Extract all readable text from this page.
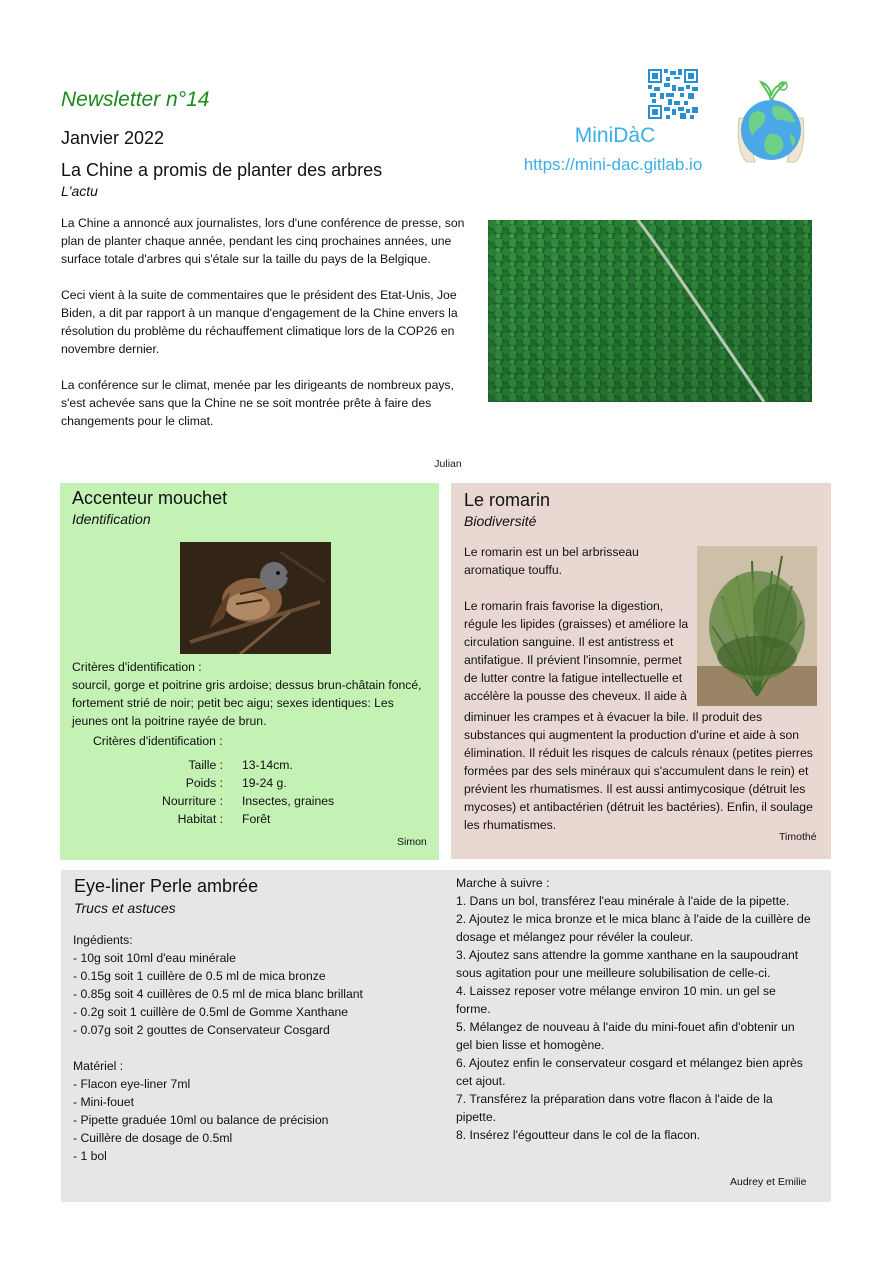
Newsletter n°14
Janvier 2022
La Chine a promis de planter des arbres
L'actu
MiniDàC
https://mini-dac.gitlab.io

La Chine a annoncé aux journalistes, lors d'une conférence de presse, son plan de planter chaque année, pendant les cinq prochaines années, une surface totale d'arbres qui s'étale sur la taille du pays de la Belgique.

Ceci vient à la suite de commentaires que le président des Etat-Unis, Joe Biden, a dit par rapport à un manque d'engagement de la Chine envers la résolution du problème du réchauffement climatique lors de la COP26 en novembre dernier.

La conférence sur le climat, menée par les dirigeants de nombreux pays, s'est achevée sans que la Chine ne se soit montrée prête à faire des changements pour le climat.

Julian
Accenteur mouchet
Identification
Critères d'identification :
sourcil, gorge et poitrine gris ardoise; dessus brun-châtain foncé, fortement strié de noir; petit bec aigu; sexes identiques: Les jeunes ont la poitrine rayée de brun.
Critères d'identification :
Taille :	13-14cm.
Poids :	19-24 g.
Nourriture :	Insectes, graines
Habitat :	Forêt
Simon
Le romarin
Biodiversité
Le romarin est un bel arbrisseau
aromatique touffu.
Le romarin frais favorise la digestion,
régule les lipides (graisses) et améliore la
circulation sanguine. Il est antistress et
antifatigue. Il prévient l'insomnie, permet
de lutter contre la fatigue intellectuelle et
accélère la pousse des cheveux. Il aide à
diminuer les crampes et à évacuer la bile. Il produit des substances qui augmentent la production d'urine et aide à son élimination. Il réduit les risques de calculs rénaux (petites pierres formées par des sels minéraux qui s'accumulent dans le rein) et prévient les rhumatismes. Il est aussi antimycosique (détruit les mycoses) et antibactérien (détruit les bactéries). Enfin, il soulage les rhumatismes.
Timothé
Eye-liner Perle ambrée
Trucs et astuces
Ingédients:
- 10g soit 10ml d'eau minérale
- 0.15g soit 1 cuillère de 0.5 ml de mica bronze
- 0.85g soit 4 cuillères de 0.5 ml de mica blanc brillant
- 0.2g soit 1 cuillère de 0.5ml de Gomme Xanthane
- 0.07g soit 2 gouttes de Conservateur Cosgard
Matériel :
- Flacon eye-liner 7ml
- Mini-fouet
- Pipette graduée 10ml ou balance de précision
- Cuillère de dosage de 0.5ml
- 1 bol
Marche à suivre :
1. Dans un bol, transférez l'eau minérale à l'aide de la pipette.
2. Ajoutez le mica bronze et le mica blanc à l'aide de la cuillère de dosage et mélangez pour révéler la couleur.
3. Ajoutez sans attendre la gomme xanthane en la saupoudrant sous agitation pour une meilleure solubilisation de celle-ci.
4. Laissez reposer votre mélange environ 10 min. un gel se forme.
5. Mélangez de nouveau à l'aide du mini-fouet afin d'obtenir un gel bien lisse et homogène.
6. Ajoutez enfin le conservateur cosgard et mélangez bien après cet ajout.
7. Transférez la préparation dans votre flacon à l'aide de la pipette.
8. Insérez l'égoutteur dans le col de la flacon.
Audrey et Emilie
